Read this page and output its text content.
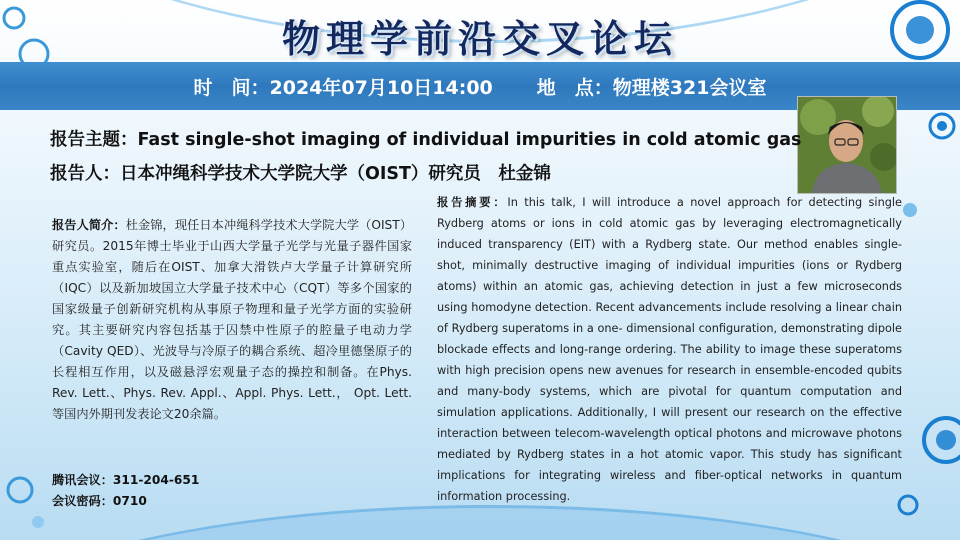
物理学前沿交叉论坛
时　间：2024年07月10日14:00 地　点：物理楼321会议室
报告主题：Fast single-shot imaging of individual impurities in cold atomic gas
报告人：日本冲绳科学技术大学院大学（OIST）研究员　杜金锦
报告人简介：杜金锦，现任日本冲绳科学技术大学院大学（OIST）研究员。2015年博士毕业于山西大学量子光学与光量子器件国家重点实验室，随后在OIST、加拿大滑铁卢大学量子计算研究所（IQC）以及新加坡国立大学量子技术中心（CQT）等多个国家的国家级量子创新研究机构从事原子物理和量子光学方面的实验研究。其主要研究内容包括基于囚禁中性原子的腔量子电动力学（Cavity QED）、光波导与冷原子的耦合系统、超冷里德堡原子的长程相互作用，以及磁悬浮宏观量子态的操控和制备。在Phys. Rev. Lett.、Phys. Rev. Appl.、Appl. Phys. Lett.， Opt. Lett.等国内外期刊发表论文20余篇。
腾讯会议：311-204-651
会议密码：0710
报告摘要：In this talk, I will introduce a novel approach for detecting single Rydberg atoms or ions in cold atomic gas by leveraging electromagnetically induced transparency (EIT) with a Rydberg state. Our method enables single-shot, minimally destructive imaging of individual impurities (ions or Rydberg atoms) within an atomic gas, achieving detection in just a few microseconds using homodyne detection. Recent advancements include resolving a linear chain of Rydberg superatoms in a one- dimensional configuration, demonstrating dipole blockade effects and long-range ordering. The ability to image these superatoms with high precision opens new avenues for research in ensemble-encoded qubits and many-body systems, which are pivotal for quantum computation and simulation applications. Additionally, I will present our research on the effective interaction between telecom-wavelength optical photons and microwave photons mediated by Rydberg states in a hot atomic vapor. This study has significant implications for integrating wireless and fiber-optical networks in quantum information processing.
